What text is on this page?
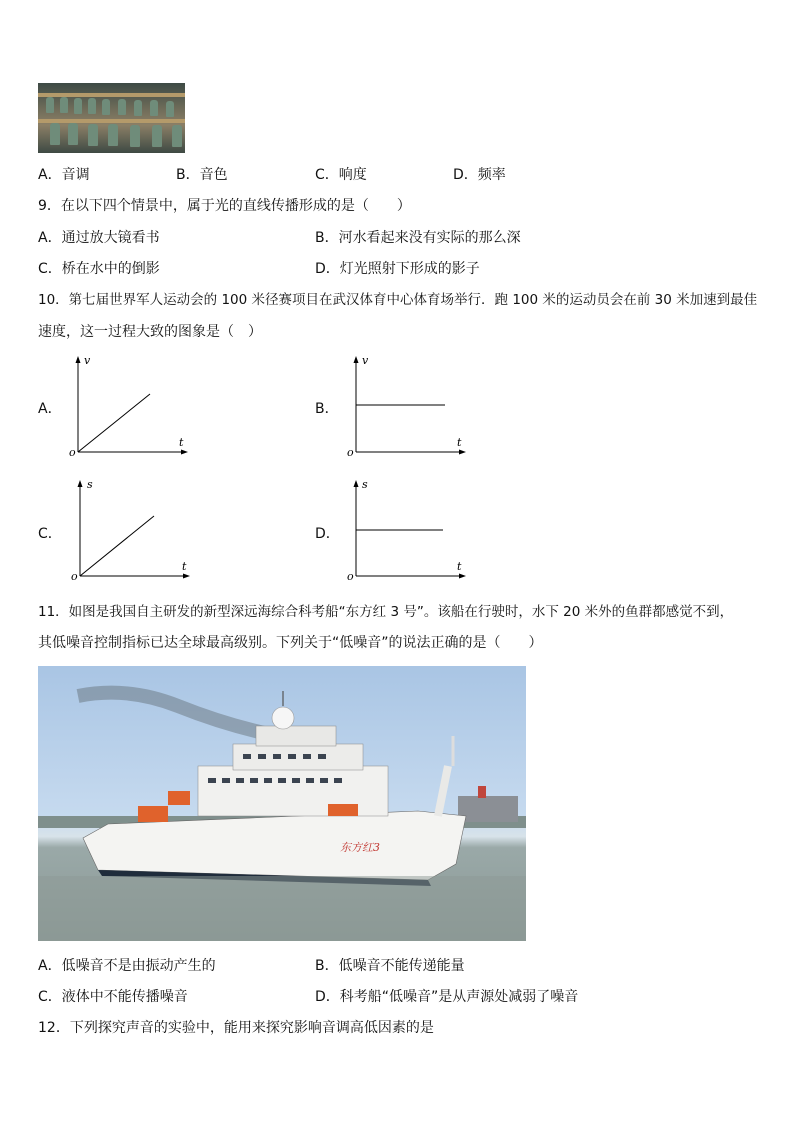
A．音调	B．音色	C．响度	D．频率
9．在以下四个情景中，属于光的直线传播形成的是（　　）
A．通过放大镜看书	B．河水看起来没有实际的那么深
C．桥在水中的倒影	D．灯光照射下形成的影子
10．第七届世界军人运动会的 100 米径赛项目在武汉体育中心体育场举行．跑 100 米的运动员会在前 30 米加速到最佳
速度，这一过程大致的图象是（　）
A．
v
t
o
B．
v
t
o
C．
s
t
o
D．
s
t
o
11．如图是我国自主研发的新型深远海综合科考船“东方红 3 号”。该船在行驶时，水下 20 米外的鱼群都感觉不到，
其低噪音控制指标已达全球最高级别。下列关于“低噪音”的说法正确的是（　　）
东方红3
A．低噪音不是由振动产生的	B．低噪音不能传递能量
C．液体中不能传播噪音	D．科考船“低噪音”是从声源处减弱了噪音
12．下列探究声音的实验中，能用来探究影响音调高低因素的是
